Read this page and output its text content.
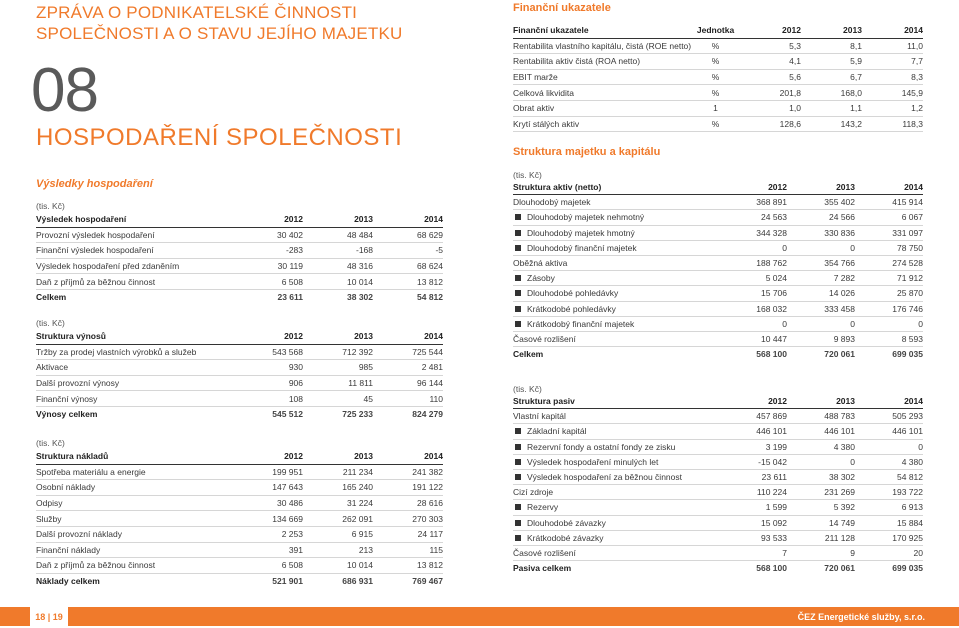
ZPRÁVA O PODNIKATELSKÉ ČINNOSTI SPOLEČNOSTI A O STAVU JEJÍHO MAJETKU
08
HOSPODAŘENÍ SPOLEČNOSTI
Výsledky hospodaření
(tis. Kč)
Výsledek hospodaření	2012	2013	2014
Provozní výsledek hospodaření	30 402	48 484	68 629
Finanční výsledek hospodaření	-283	-168	-5
Výsledek hospodaření před zdaněním	30 119	48 316	68 624
Daň z příjmů za běžnou činnost	6 508	10 014	13 812
Celkem	23 611	38 302	54 812
(tis. Kč)
Struktura výnosů	2012	2013	2014
Tržby za prodej vlastních výrobků a služeb	543 568	712 392	725 544
Aktivace	930	985	2 481
Další provozní výnosy	906	11 811	96 144
Finanční výnosy	108	45	110
Výnosy celkem	545 512	725 233	824 279
(tis. Kč)
Struktura nákladů	2012	2013	2014
Spotřeba materiálu a energie	199 951	211 234	241 382
Osobní náklady	147 643	165 240	191 122
Odpisy	30 486	31 224	28 616
Služby	134 669	262 091	270 303
Další provozní náklady	2 253	6 915	24 117
Finanční náklady	391	213	115
Daň z příjmů za běžnou činnost	6 508	10 014	13 812
Náklady celkem	521 901	686 931	769 467
Finanční ukazatele
Finanční ukazatele	Jednotka	2012	2013	2014
Rentabilita vlastního kapitálu, čistá (ROE netto)	%	5,3	8,1	11,0
Rentabilita aktiv čistá (ROA netto)	%	4,1	5,9	7,7
EBIT marže	%	5,6	6,7	8,3
Celková likvidita	%	201,8	168,0	145,9
Obrat aktiv	1	1,0	1,1	1,2
Krytí stálých aktiv	%	128,6	143,2	118,3
Struktura majetku a kapitálu
(tis. Kč)
Struktura aktiv (netto)	2012	2013	2014
Dlouhodobý majetek	368 891	355 402	415 914

Dlouhodobý majetek nehmotný	24 563	24 566	6 067

Dlouhodobý majetek hmotný	344 328	330 836	331 097

Dlouhodobý finanční majetek	0	0	78 750
Oběžná aktiva	188 762	354 766	274 528

Zásoby	5 024	7 282	71 912

Dlouhodobé pohledávky	15 706	14 026	25 870

Krátkodobé pohledávky	168 032	333 458	176 746

Krátkodobý finanční majetek	0	0	0
Časové rozlišení	10 447	9 893	8 593
Celkem	568 100	720 061	699 035
(tis. Kč)
Struktura pasiv	2012	2013	2014
Vlastní kapitál	457 869	488 783	505 293

Základní kapitál	446 101	446 101	446 101

Rezervní fondy a ostatní fondy ze zisku	3 199	4 380	0

Výsledek hospodaření minulých let	-15 042	0	4 380

Výsledek hospodaření za běžnou činnost	23 611	38 302	54 812
Cizí zdroje	110 224	231 269	193 722

Rezervy	1 599	5 392	6 913

Dlouhodobé závazky	15 092	14 749	15 884

Krátkodobé závazky	93 533	211 128	170 925
Časové rozlišení	7	9	20
Pasiva celkem	568 100	720 061	699 035
18 | 19	ČEZ Energetické služby, s.r.o.
